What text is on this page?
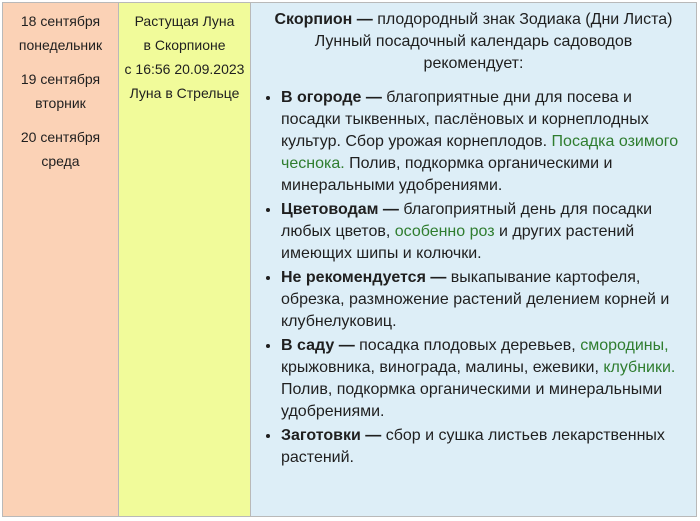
18 сентября
понедельник
19 сентября
вторник
20 сентября
среда
Растущая Луна
в Скорпионе
с 16:56 20.09.2023
Луна в Стрельце
Скорпион — плодородный знак Зодиака (Дни Листа) Лунный посадочный календарь садоводов рекомендует:
• В огороде — благоприятные дни для посева и посадки тыквенных, паслёновых и корнеплодных культур. Сбор урожая корнеплодов. Посадка озимого чеснока. Полив, подкормка органическими и минеральными удобрениями.
• Цветоводам — благоприятный день для посадки любых цветов, особенно роз и других растений имеющих шипы и колючки.
• Не рекомендуется — выкапывание картофеля, обрезка, размножение растений делением корней и клубнелуковиц.
• В саду — посадка плодовых деревьев, смородины, крыжовника, винограда, малины, ежевики, клубники. Полив, подкормка органическими и минеральными удобрениями.
• Заготовки — сбор и сушка листьев лекарственных растений.
